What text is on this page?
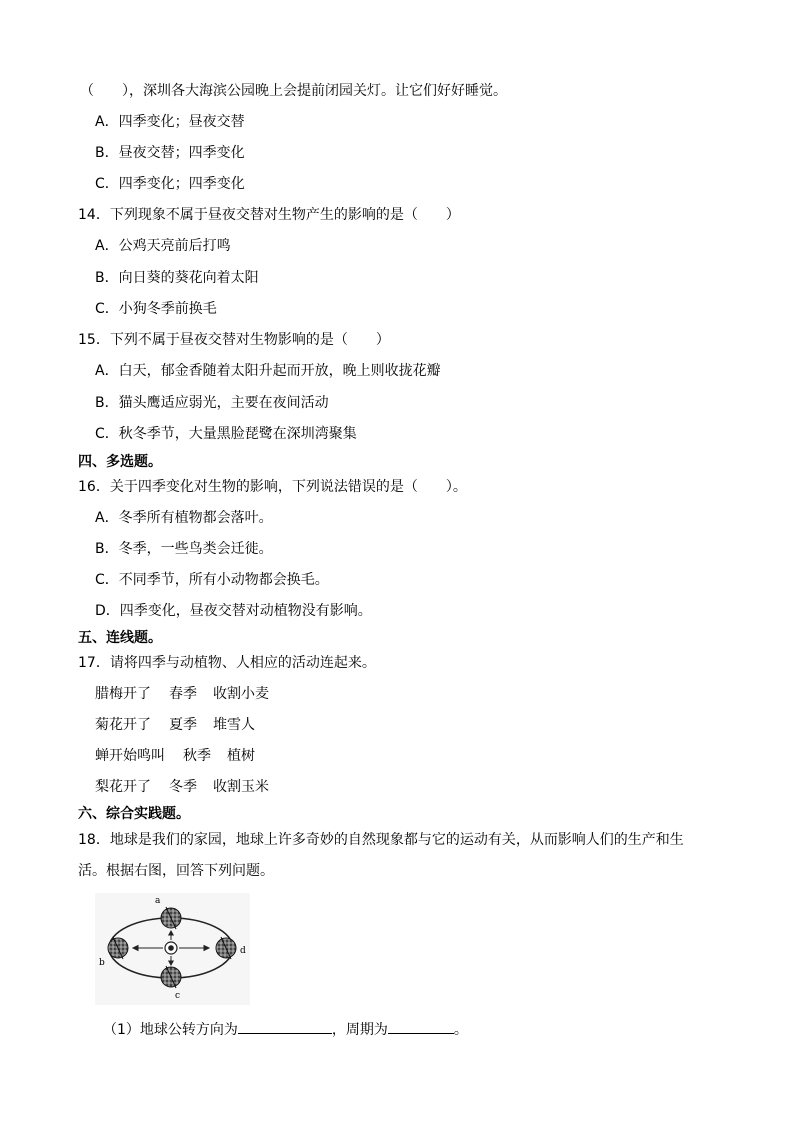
（　　），深圳各大海滨公园晚上会提前闭园关灯。让它们好好睡觉。
A．四季变化；昼夜交替
B．昼夜交替；四季变化
C．四季变化；四季变化
14．下列现象不属于昼夜交替对生物产生的影响的是（　　）
A．公鸡天亮前后打鸣
B．向日葵的葵花向着太阳
C．小狗冬季前换毛
15．下列不属于昼夜交替对生物影响的是（　　）
A．白天，郁金香随着太阳升起而开放，晚上则收拢花瓣
B．猫头鹰适应弱光，主要在夜间活动
C．秋冬季节，大量黑脸琵鹭在深圳湾聚集
四、多选题。
16．关于四季变化对生物的影响，下列说法错误的是（　　）。
A．冬季所有植物都会落叶。
B．冬季，一些鸟类会迁徙。
C．不同季节，所有小动物都会换毛。
D．四季变化，昼夜交替对动植物没有影响。
五、连线题。
17．请将四季与动植物、人相应的活动连起来。
腊梅开了 春季 收割小麦
菊花开了 夏季 堆雪人
蝉开始鸣叫 秋季 植树
梨花开了 冬季 收割玉米
六、综合实践题。
18．地球是我们的家园，地球上许多奇妙的自然现象都与它的运动有关，从而影响人们的生产和生
活。根据右图，回答下列问题。
a
b
c
d
（1）地球公转方向为	，周期为	。
